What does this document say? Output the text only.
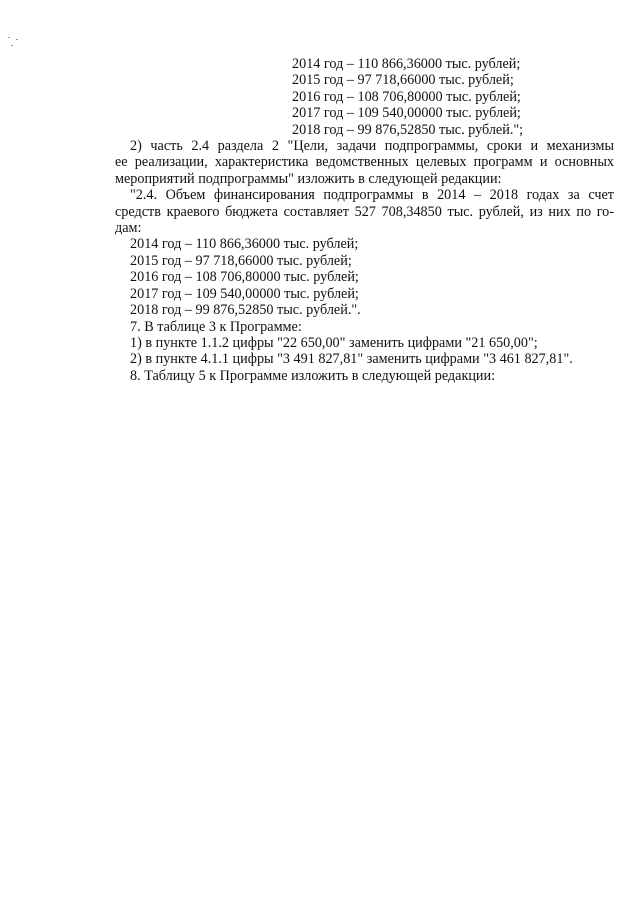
2014 год – 110 866,36000 тыс. рублей;
2015 год – 97 718,66000 тыс. рублей;
2016 год – 108 706,80000 тыс. рублей;
2017 год – 109 540,00000 тыс. рублей;
2018 год – 99 876,52850 тыс. рублей.";
2) часть 2.4 раздела 2 "Цели, задачи подпрограммы, сроки и механизмы
ее реализации, характеристика ведомственных целевых программ и основных
мероприятий подпрограммы" изложить в следующей редакции:
"2.4. Объем финансирования подпрограммы в 2014 – 2018 годах за счет
средств краевого бюджета составляет 527 708,34850 тыс. рублей, из них по го-
дам:
2014 год – 110 866,36000 тыс. рублей;
2015 год – 97 718,66000 тыс. рублей;
2016 год – 108 706,80000 тыс. рублей;
2017 год – 109 540,00000 тыс. рублей;
2018 год – 99 876,52850 тыс. рублей.".
7. В таблице 3 к Программе:
1) в пункте 1.1.2 цифры "22 650,00" заменить цифрами "21 650,00";
2) в пункте 4.1.1 цифры "3 491 827,81" заменить цифрами "3 461 827,81".
8. Таблицу 5 к Программе изложить в следующей редакции:
